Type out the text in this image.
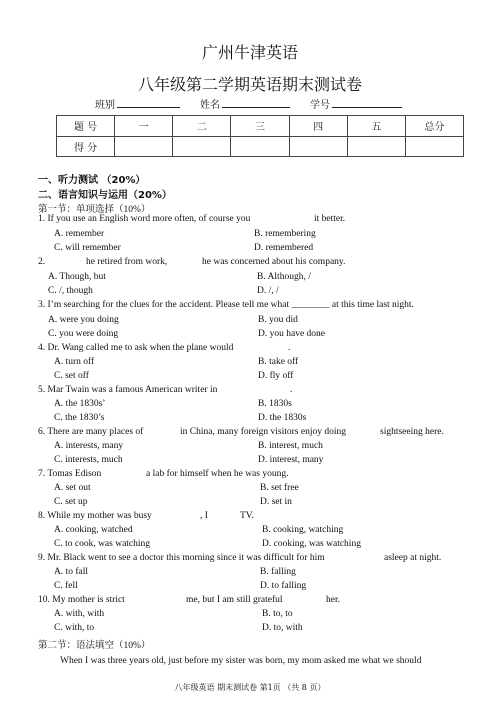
广州牛津英语
八年级第二学期英语期末测试卷
班别	姓名	学号
题 号	一	二	三	四	五	总分
得 分						
一、听力测试 （20%）
二、语言知识与运用（20%）
第一节：单项选择（10%）
1. If you use an English word more often, of course you	it better.
A. remember	B. remembering
C. will remember	D. remembered
2.	he retired from work,	he was concerned about his company.
A. Though, but	B. Although, /
C. /, though	D. /, /
3. I’m searching for the clues for the accident. Please tell me what ________ at this time last night.
A. were you doing	B. you did
C. you were doing	D. you have done
4. Dr. Wang called me to ask when the plane would	.
A. turn off	B. take off
C. set off	D. fly off
5. Mar Twain was a famous American writer in	.
A. the 1830s’	B. 1830s
C. the 1830’s	D. the 1830s
6. There are many places of	in China, many foreign visitors enjoy doing	sightseeing here.
A. interests, many	B. interest, much
C. interests, much	D. interest, many
7. Tomas Edison	a lab for himself when he was young.
A. set out	B. set free
C. set up	D. set in
8. While my mother was busy	, I	TV.
A. cooking, watched	B. cooking, watching
C. to cook, was watching	D. cooking, was watching
9. Mr. Black went to see a doctor this morning since it was difficult for him	asleep at night.
A. to fall	B. falling
C. fell	D. to falling
10. My mother is strict	me, but I am still grateful	her.
A. with, with	B. to, to
C. with, to	D. to, with
第二节：语法填空（10%）
When I was three years old, just before my sister was born, my mom asked me what we should
八年级英语 期末测试卷 第1页 （共 8 页）
